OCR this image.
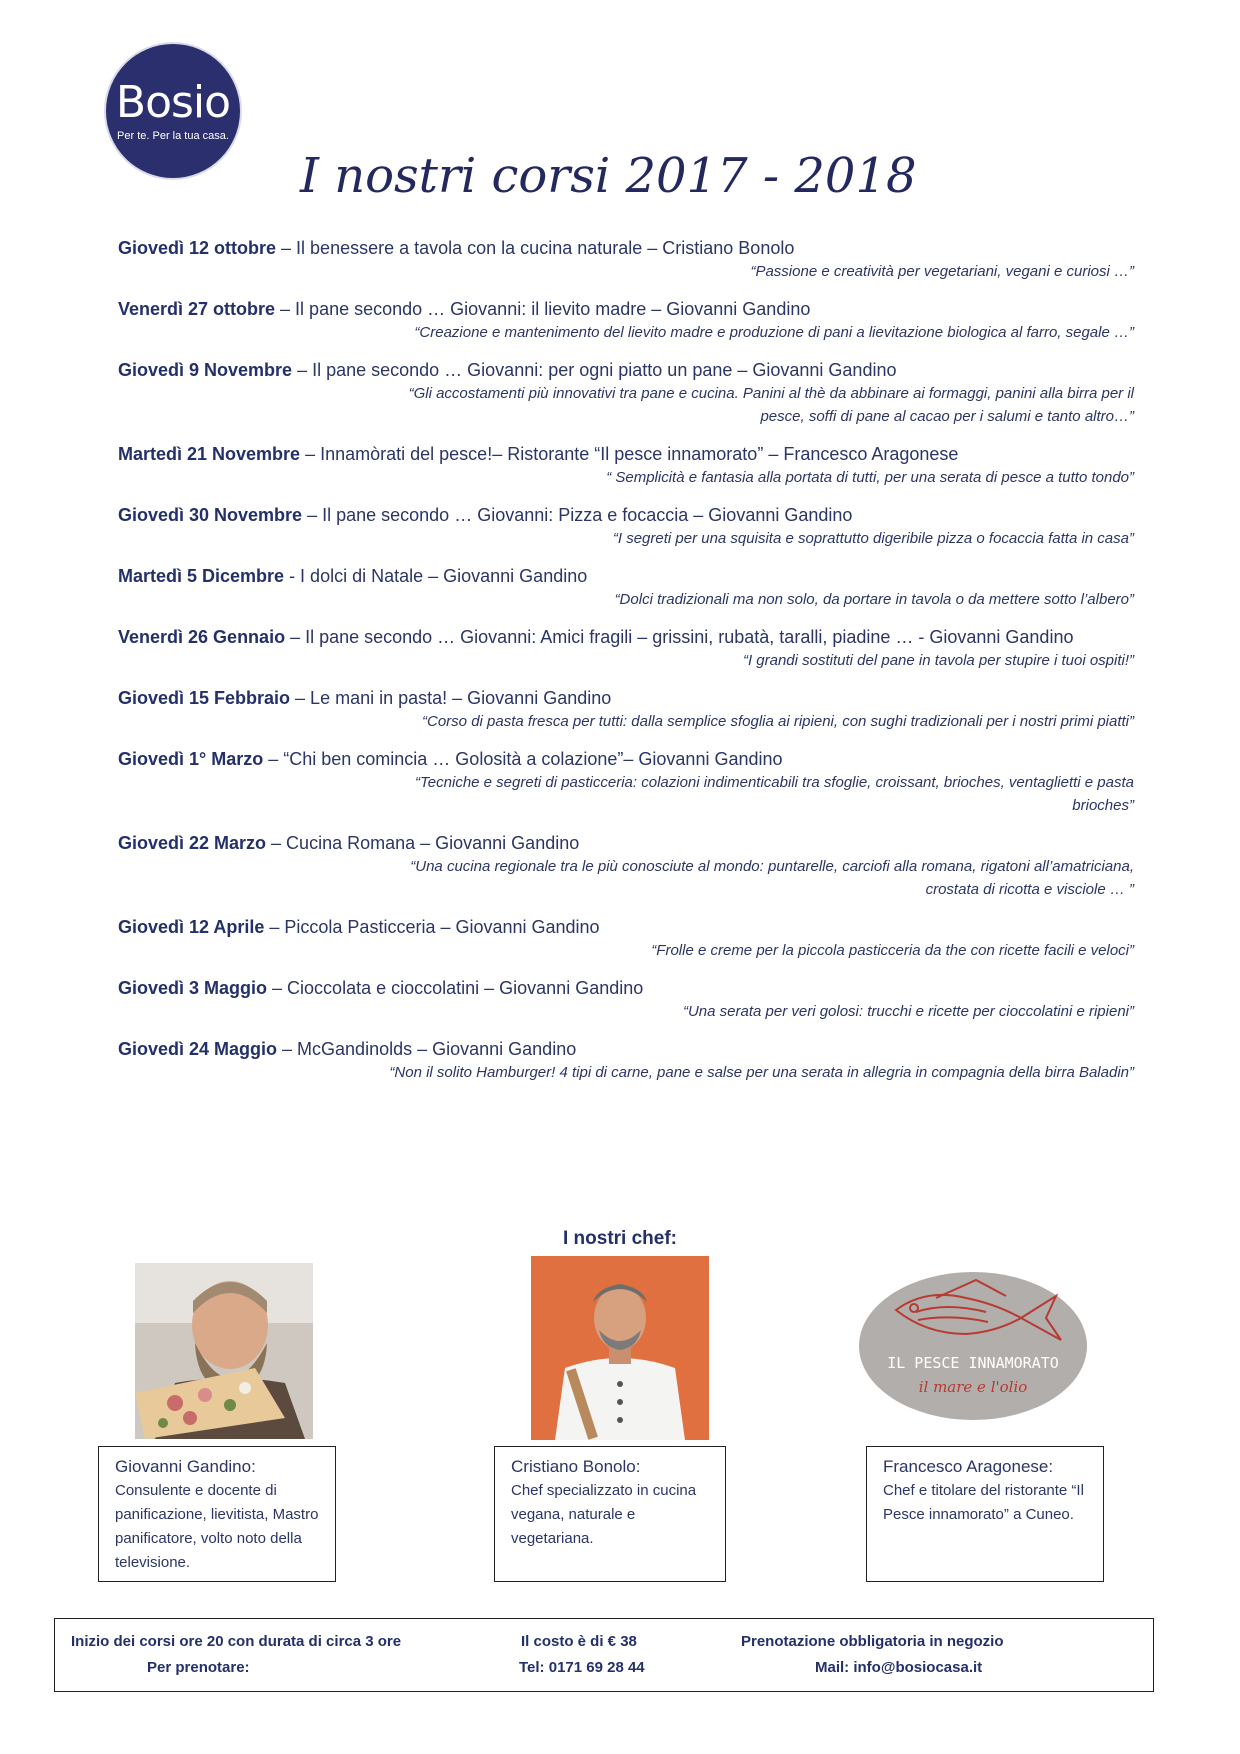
Bosio
Per te. Per la tua casa.
I nostri corsi 2017 - 2018
Giovedì 12 ottobre – Il benessere a tavola con la cucina naturale – Cristiano Bonolo
“Passione e creatività per vegetariani, vegani e curiosi …”
Venerdì 27 ottobre – Il pane secondo … Giovanni: il lievito madre – Giovanni Gandino
“Creazione e mantenimento del lievito madre e produzione di pani a lievitazione biologica al farro, segale …”
Giovedì 9 Novembre – Il pane secondo … Giovanni: per ogni piatto un pane – Giovanni Gandino
“Gli accostamenti più innovativi tra pane e cucina. Panini al thè da abbinare ai formaggi, panini alla birra per il pesce, soffi di pane al cacao per i salumi e tanto altro…”
Martedì 21 Novembre – Innamòrati del pesce!– Ristorante “Il pesce innamorato” – Francesco Aragonese
“ Semplicità e fantasia alla portata di tutti, per una serata di pesce a tutto tondo”
Giovedì 30 Novembre – Il pane secondo … Giovanni: Pizza e focaccia – Giovanni Gandino
“I segreti per una squisita e soprattutto digeribile pizza o focaccia fatta in casa”
Martedì 5 Dicembre - I dolci di Natale – Giovanni Gandino
“Dolci tradizionali ma non solo, da portare in tavola o da mettere sotto l’albero”
Venerdì 26 Gennaio – Il pane secondo … Giovanni: Amici fragili – grissini, rubatà, taralli, piadine … - Giovanni Gandino
“I grandi sostituti del pane in tavola per stupire i tuoi ospiti!”
Giovedì 15 Febbraio – Le mani in pasta! – Giovanni Gandino
“Corso di pasta fresca per tutti: dalla semplice sfoglia ai ripieni, con sughi tradizionali per i nostri primi piatti”
Giovedì 1° Marzo – “Chi ben comincia … Golosità a colazione”– Giovanni Gandino
“Tecniche e segreti di pasticceria: colazioni indimenticabili tra sfoglie, croissant, brioches, ventaglietti e pasta brioches”
Giovedì 22 Marzo – Cucina Romana – Giovanni Gandino
“Una cucina regionale tra le più conosciute al mondo: puntarelle, carciofi alla romana, rigatoni all’amatriciana, crostata di ricotta e visciole … ”
Giovedì 12 Aprile – Piccola Pasticceria – Giovanni Gandino
“Frolle e creme per la piccola pasticceria da the con ricette facili e veloci”
Giovedì 3 Maggio – Cioccolata e cioccolatini – Giovanni Gandino
“Una serata per veri golosi: trucchi e ricette per cioccolatini e ripieni”
Giovedì 24 Maggio – McGandinolds – Giovanni Gandino
“Non il solito Hamburger! 4 tipi di carne, pane e salse per una serata in allegria in compagnia della birra Baladin”
I nostri chef:
IL PESCE INNAMORATO
il mare e l'olio
Giovanni Gandino:
Consulente e docente di panificazione, lievitista, Mastro panificatore, volto noto della televisione.
Cristiano Bonolo:
Chef specializzato in cucina vegana, naturale e vegetariana.
Francesco Aragonese:
Chef e titolare del ristorante “Il Pesce innamorato” a Cuneo.
Inizio dei corsi ore 20 con durata di circa 3 ore
Per prenotare:
Il costo è di € 38
Tel: 0171 69 28 44
Prenotazione obbligatoria in negozio
Mail: info@bosiocasa.it
